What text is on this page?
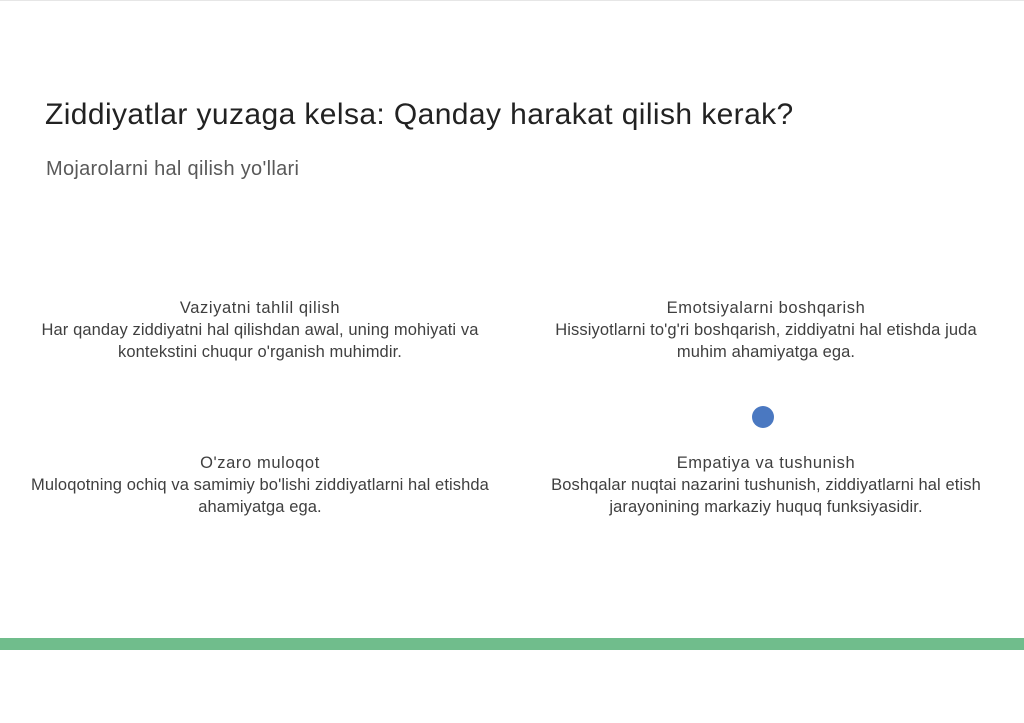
Ziddiyatlar yuzaga kelsa: Qanday harakat qilish kerak?
Mojarolarni hal qilish yo'llari
Vaziyatni tahlil qilish
Har qanday ziddiyatni hal qilishdan awal, uning mohiyati va kontekstini chuqur o'rganish muhimdir.
Emotsiyalarni boshqarish
Hissiyotlarni to'g'ri boshqarish, ziddiyatni hal etishda juda muhim ahamiyatga ega.
O'zaro muloqot
Muloqotning ochiq va samimiy bo'lishi ziddiyatlarni hal etishda ahamiyatga ega.
Empatiya va tushunish
Boshqalar nuqtai nazarini tushunish, ziddiyatlarni hal etish jarayonining markaziy huquq funksiyasidir.
